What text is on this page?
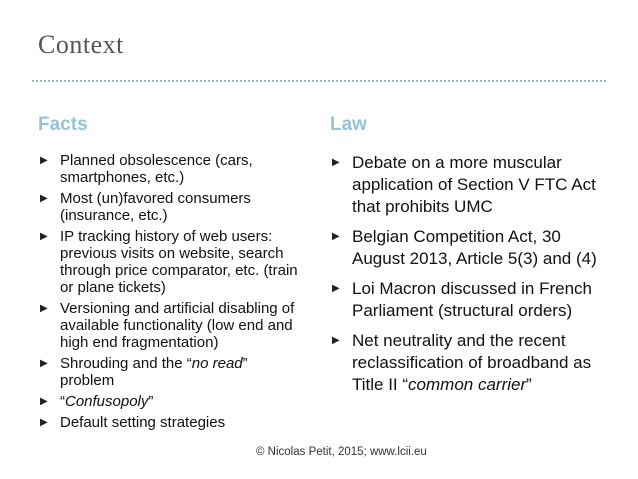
Context
Facts	Law
▶ Planned obsolescence (cars, smartphones, etc.)
▶ Most (un)favored consumers (insurance, etc.)
▶ IP tracking history of web users: previous visits on website, search through price comparator, etc. (train or plane tickets)
▶ Versioning and artificial disabling of available functionality (low end and high end fragmentation)
▶ Shrouding and the “no read” problem
▶ “Confusopoly”
▶ Default setting strategies
▶ Debate on a more muscular application of Section V FTC Act that prohibits UMC
▶ Belgian Competition Act, 30 August 2013, Article 5(3) and (4)
▶ Loi Macron discussed in French Parliament (structural orders)
▶ Net neutrality and the recent reclassification of broadband as Title II “common carrier”
© Nicolas Petit, 2015; www.lcii.eu
